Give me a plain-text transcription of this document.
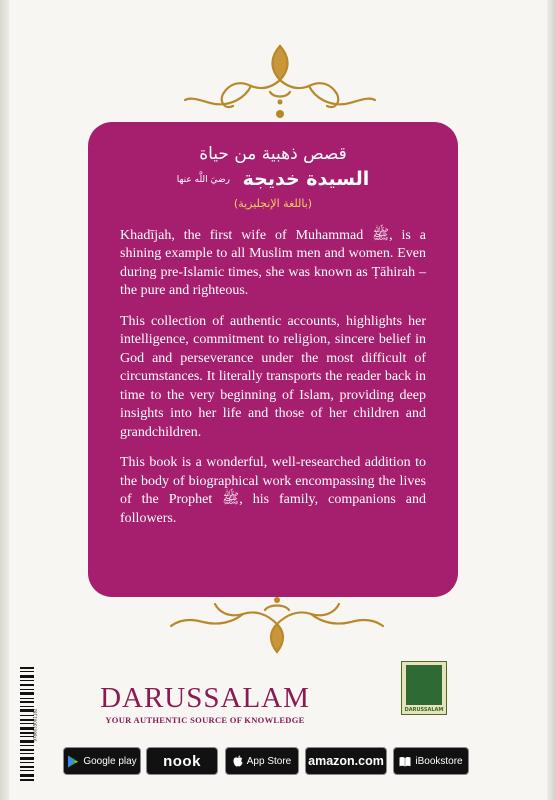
قصص ذهبية من حياة
السيدة خديجة رضيَ اللَّه عنها
(باللغة الإنجليزية)

Khadījah, the first wife of Muhammad ﷺ, is a shining example to all Muslim men and women. Even during pre-Islamic times, she was known as Ṭāhirah – the pure and righteous.

This collection of authentic accounts, highlights her intelligence, commitment to religion, sincere belief in God and perseverance under the most difficult of circumstances. It literally transports the reader back in time to the very beginning of Islam, providing deep insights into her life and those of her children and grandchildren.

This book is a wonderful, well-researched addition to the body of biographical work encompassing the lives of the Prophet ﷺ, his family, companions and followers.

9786035001182
DARUSSALAM
YOUR AUTHENTIC SOURCE OF KNOWLEDGE
DARUSSALAM
Google play nook	App Store amazon.com	iBookstore
